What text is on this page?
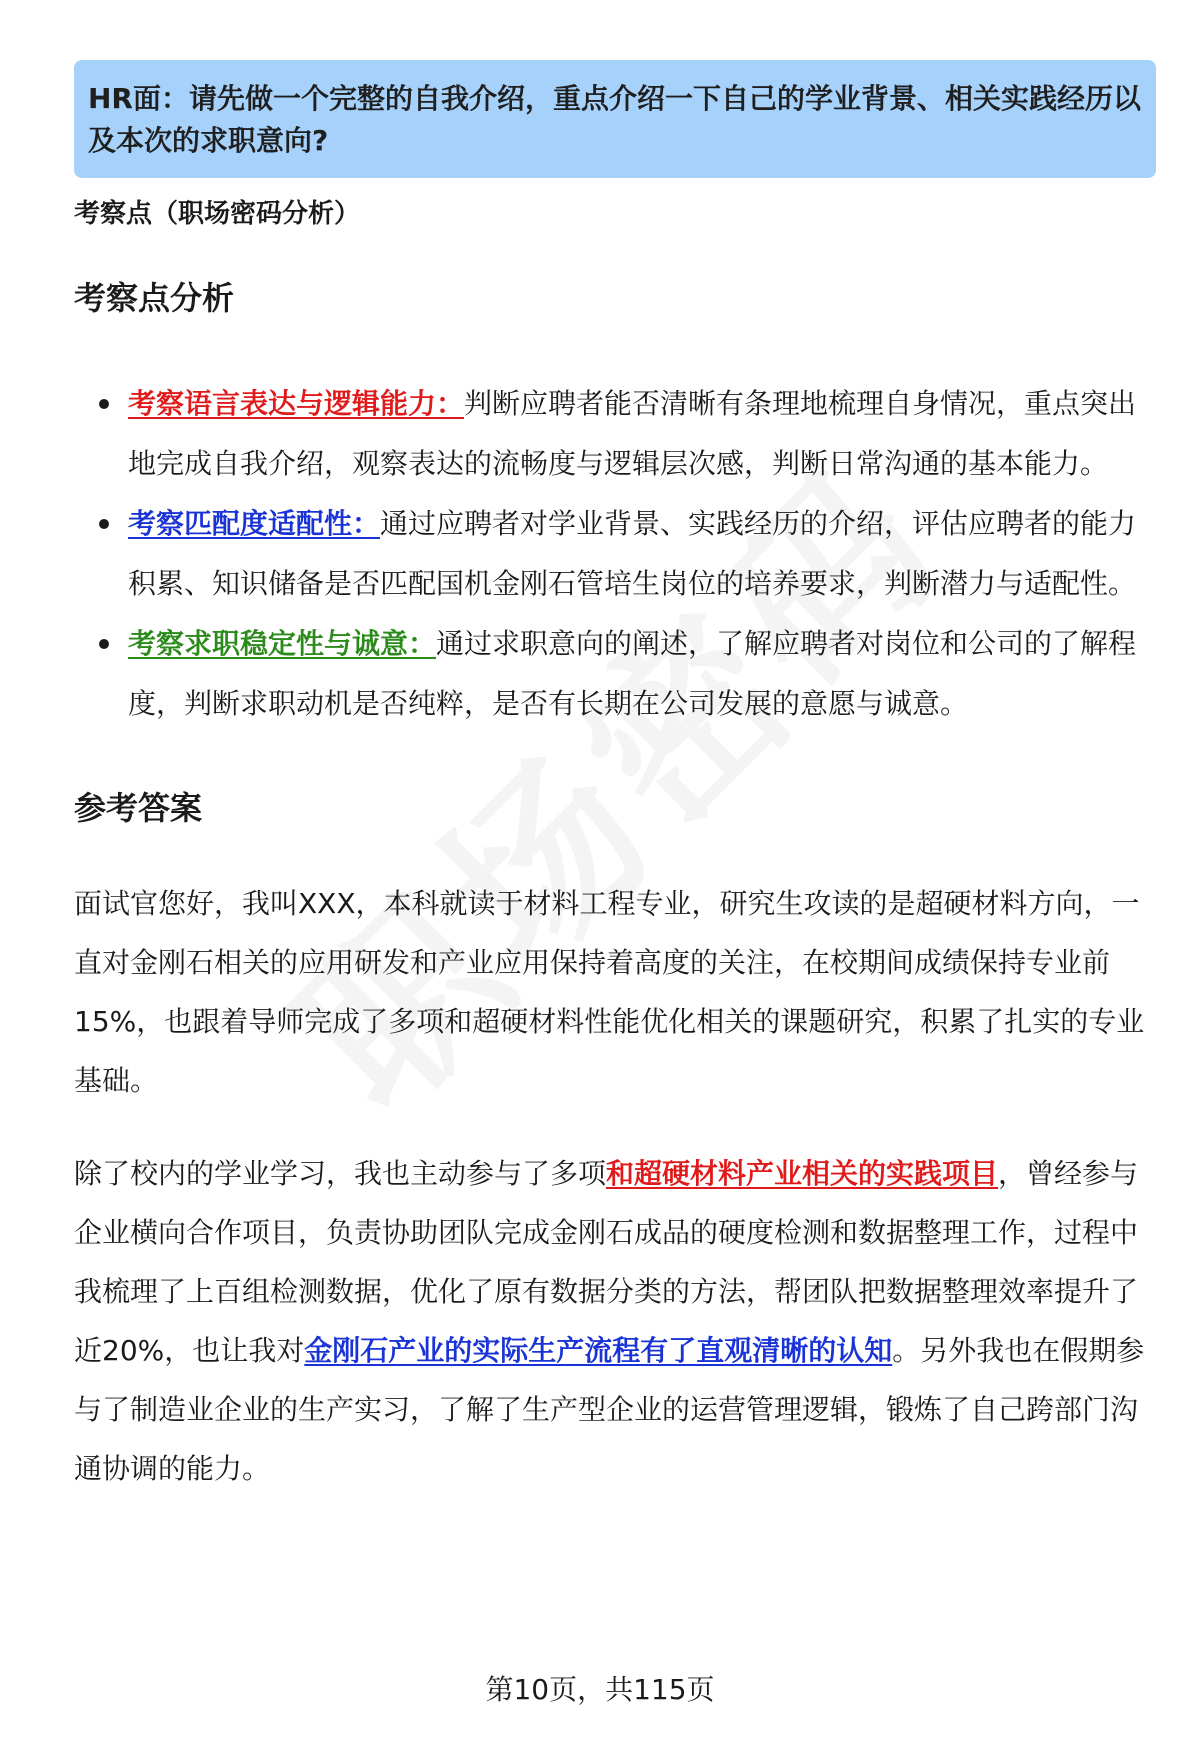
HR面：请先做一个完整的自我介绍，重点介绍一下自己的学业背景、相关实践经历以及本次的求职意向?
考察点（职场密码分析）
考察点分析
考察语言表达与逻辑能力：判断应聘者能否清晰有条理地梳理自身情况，重点突出地完成自我介绍，观察表达的流畅度与逻辑层次感，判断日常沟通的基本能力。
考察匹配度适配性：通过应聘者对学业背景、实践经历的介绍，评估应聘者的能力积累、知识储备是否匹配国机金刚石管培生岗位的培养要求，判断潜力与适配性。
考察求职稳定性与诚意：通过求职意向的阐述，了解应聘者对岗位和公司的了解程度，判断求职动机是否纯粹，是否有长期在公司发展的意愿与诚意。
参考答案

面试官您好，我叫XXX，本科就读于材料工程专业，研究生攻读的是超硬材料方向，一直对金刚石相关的应用研发和产业应用保持着高度的关注，在校期间成绩保持专业前15%，也跟着导师完成了多项和超硬材料性能优化相关的课题研究，积累了扎实的专业基础。

除了校内的学业学习，我也主动参与了多项和超硬材料产业相关的实践项目，曾经参与企业横向合作项目，负责协助团队完成金刚石成品的硬度检测和数据整理工作，过程中我梳理了上百组检测数据，优化了原有数据分类的方法，帮团队把数据整理效率提升了近20%，也让我对金刚石产业的实际生产流程有了直观清晰的认知。另外我也在假期参与了制造业企业的生产实习，了解了生产型企业的运营管理逻辑，锻炼了自己跨部门沟通协调的能力。

第10页，共115页
